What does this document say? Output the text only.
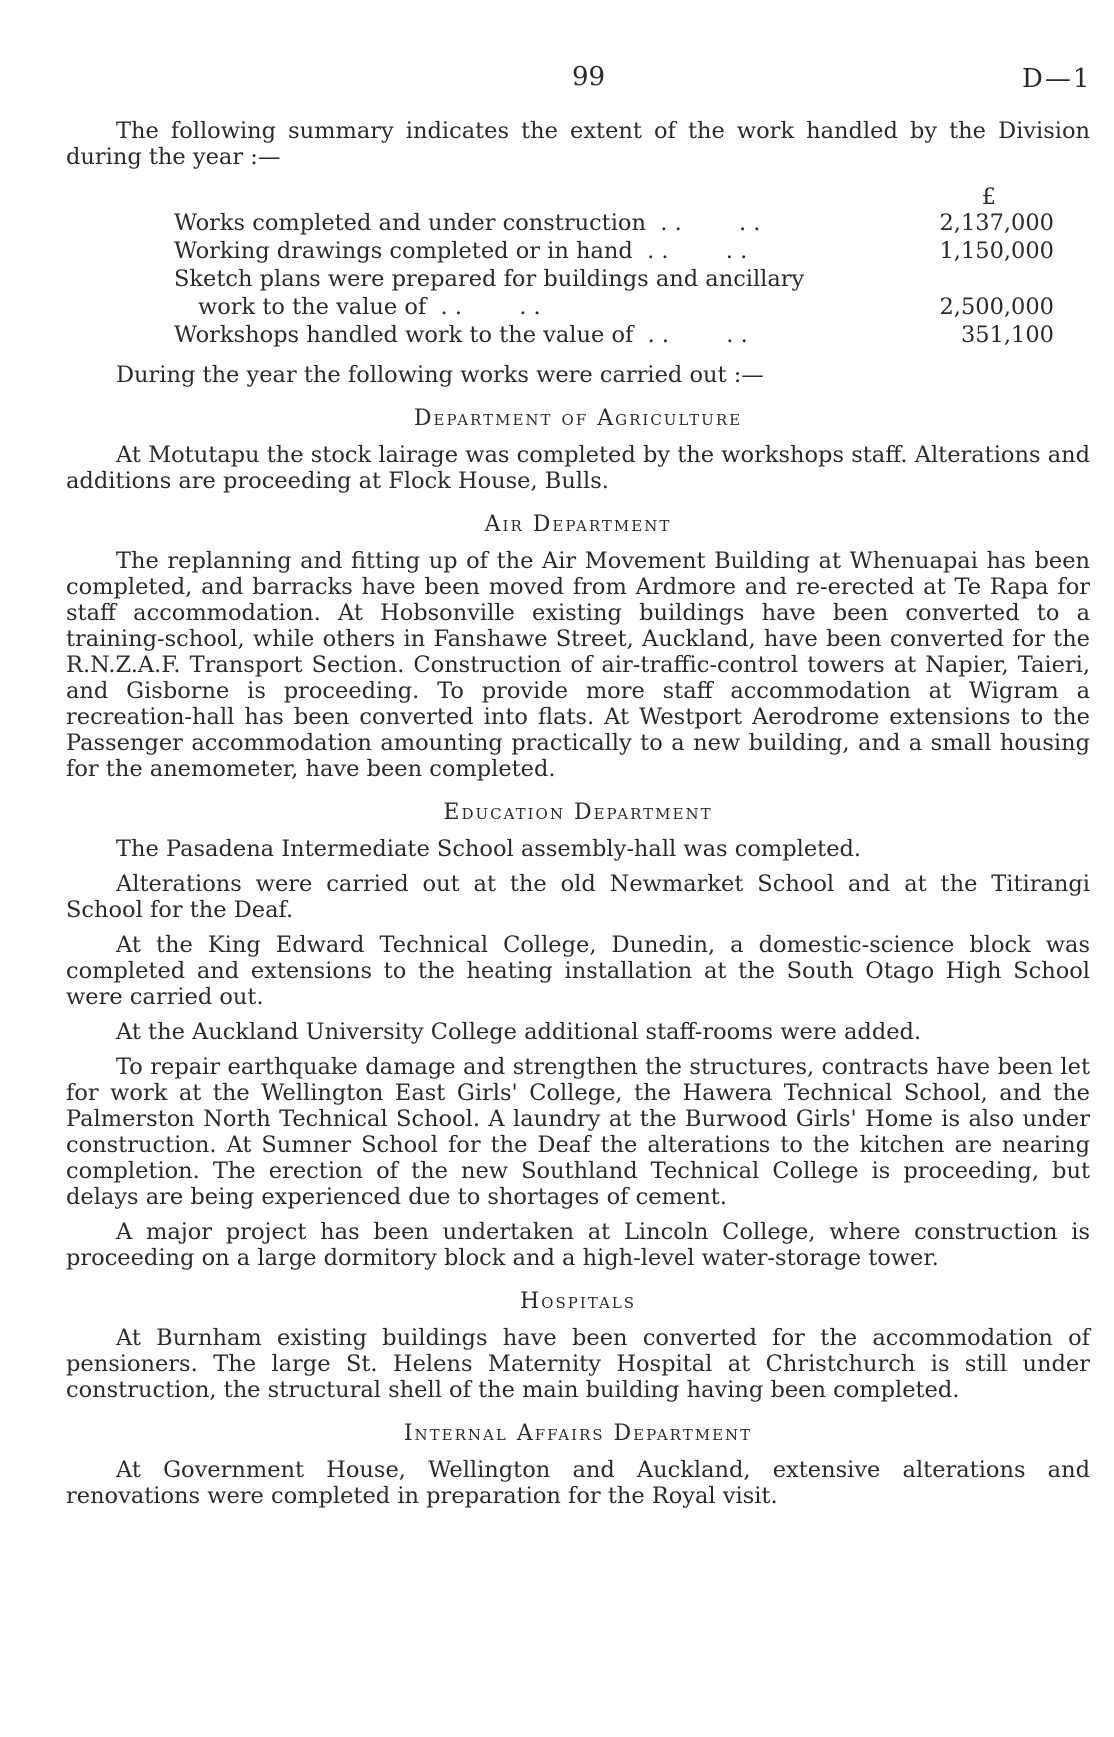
99	D—1

The following summary indicates the extent of the work handled by the Division during the year :—

£
Works completed and under construction . .	2,137,000
Working drawings completed or in hand . .	1,150,000
Sketch plans were prepared for buildings and ancillary
work to the value of . .	2,500,000
Workshops handled work to the value of . .	351,100

During the year the following works were carried out :—

Department of Agriculture

At Motutapu the stock lairage was completed by the workshops staff. Alterations and additions are proceeding at Flock House, Bulls.

Air Department

The replanning and fitting up of the Air Movement Building at Whenuapai has been completed, and barracks have been moved from Ardmore and re-erected at Te Rapa for staff accommodation. At Hobsonville existing buildings have been converted to a training-school, while others in Fanshawe Street, Auckland, have been converted for the R.N.Z.A.F. Transport Section. Construction of air-traffic-control towers at Napier, Taieri, and Gisborne is proceeding. To provide more staff accommodation at Wigram a recreation-hall has been converted into flats. At Westport Aerodrome extensions to the Passenger accommodation amounting practically to a new building, and a small housing for the anemometer, have been completed.

Education Department

The Pasadena Intermediate School assembly-hall was completed.

Alterations were carried out at the old Newmarket School and at the Titirangi School for the Deaf.

At the King Edward Technical College, Dunedin, a domestic-science block was completed and extensions to the heating installation at the South Otago High School were carried out.

At the Auckland University College additional staff-rooms were added.

To repair earthquake damage and strengthen the structures, contracts have been let for work at the Wellington East Girls' College, the Hawera Technical School, and the Palmerston North Technical School. A laundry at the Burwood Girls' Home is also under construction. At Sumner School for the Deaf the alterations to the kitchen are nearing completion. The erection of the new Southland Technical College is proceeding, but delays are being experienced due to shortages of cement.

A major project has been undertaken at Lincoln College, where construction is proceeding on a large dormitory block and a high-level water-storage tower.

Hospitals

At Burnham existing buildings have been converted for the accommodation of pensioners. The large St. Helens Maternity Hospital at Christchurch is still under construction, the structural shell of the main building having been completed.

Internal Affairs Department

At Government House, Wellington and Auckland, extensive alterations and renovations were completed in preparation for the Royal visit.
